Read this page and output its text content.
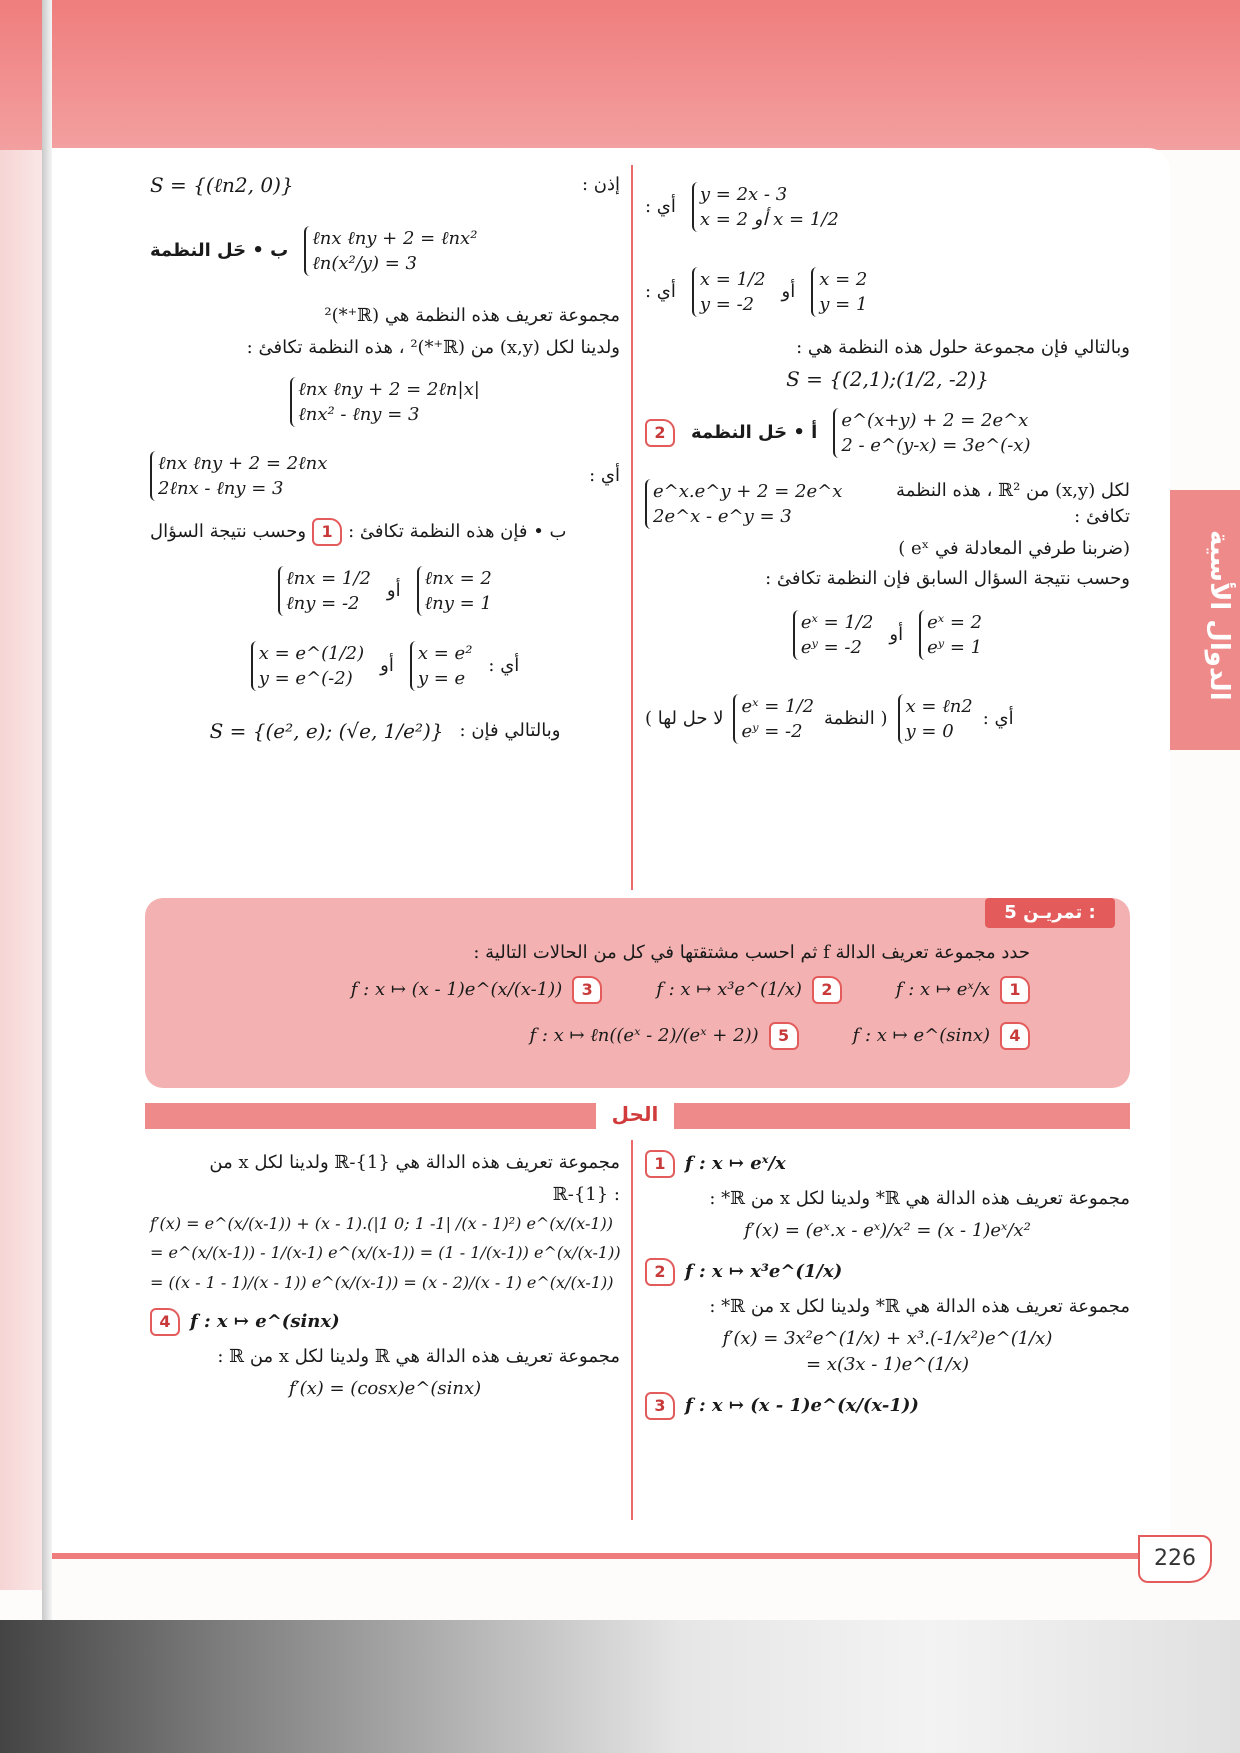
الدوال الأسية
y = 2x - 3
x = 2 أو x = 1/2
أي :
x = 2
y = 1
أو
x = 1/2
y = -2
أي :
وبالتالي فإن مجموعة حلول هذه النظمة هي :
S = {(2,1);(1/2, -2)}
e^(x+y) + 2 = 2e^x
2 - e^(y-x) = 3e^(-x)
أ • حَل النظمة
2
لكل (x,y) من ℝ² ، هذه النظمة تكافئ :
e^x.e^y + 2 = 2e^x
2e^x - e^y = 3
(ضربنا طرفي المعادلة في eˣ )
وحسب نتيجة السؤال السابق فإن النظمة تكافئ :
eˣ = 2
eʸ = 1
أو
eˣ = 1/2
eʸ = -2
أي :
x = ℓn2
y = 0
( النظمة
eˣ = 1/2
eʸ = -2
لا حل لها )
إذن :
S = {(ℓn2, 0)}
ℓnx ℓny + 2 = ℓnx²
ℓn(x²/y) = 3
ب • حَل النظمة
مجموعة تعريف هذه النظمة هي (ℝ⁺*)²
ولدينا لكل (x,y) من (ℝ⁺*)² ، هذه النظمة تكافئ :
ℓnx ℓny + 2 = 2ℓn|x|
ℓnx² - ℓny = 3
أي :
ℓnx ℓny + 2 = 2ℓnx
2ℓnx - ℓny = 3
ب • فإن هذه النظمة تكافئ :
1
وحسب نتيجة السؤال
ℓnx = 2
ℓny = 1
أو
ℓnx = 1/2
ℓny = -2
أي :
x = e²
y = e
أو
x = e^(1/2)
y = e^(-2)
وبالتالي فإن :
S = {(e², e); (√e, 1/e²)}
تمريـن 5 :
حدد مجموعة تعريف الدالة f ثم احسب مشتقتها في كل من الحالات التالية :
1
f : x ↦ eˣ/x
2
f : x ↦ x³e^(1/x)
3
f : x ↦ (x - 1)e^(x/(x-1))
4
f : x ↦ e^(sinx)
5
f : x ↦ ℓn((eˣ - 2)/(eˣ + 2))
الحل
f : x ↦ eˣ/x
1
مجموعة تعريف هذه الدالة هي ℝ* ولدينا لكل x من ℝ* :
f′(x) = (eˣ.x - eˣ)/x² = (x - 1)eˣ/x²
f : x ↦ x³e^(1/x)
2
مجموعة تعريف هذه الدالة هي ℝ* ولدينا لكل x من ℝ* :
f′(x) = 3x²e^(1/x) + x³.(-1/x²)e^(1/x)
= x(3x - 1)e^(1/x)
f : x ↦ (x - 1)e^(x/(x-1))
3
مجموعة تعريف هذه الدالة هي ℝ-{1} ولدينا لكل x من
: ℝ-{1}
f′(x) = e^(x/(x-1)) + (x - 1).(|1 0; 1 -1| /(x - 1)²) e^(x/(x-1))
= e^(x/(x-1)) - 1/(x-1) e^(x/(x-1)) = (1 - 1/(x-1)) e^(x/(x-1))
= ((x - 1 - 1)/(x - 1)) e^(x/(x-1)) = (x - 2)/(x - 1) e^(x/(x-1))
f : x ↦ e^(sinx)
4
مجموعة تعريف هذه الدالة هي ℝ ولدينا لكل x من ℝ :
f′(x) = (cosx)e^(sinx)
226
